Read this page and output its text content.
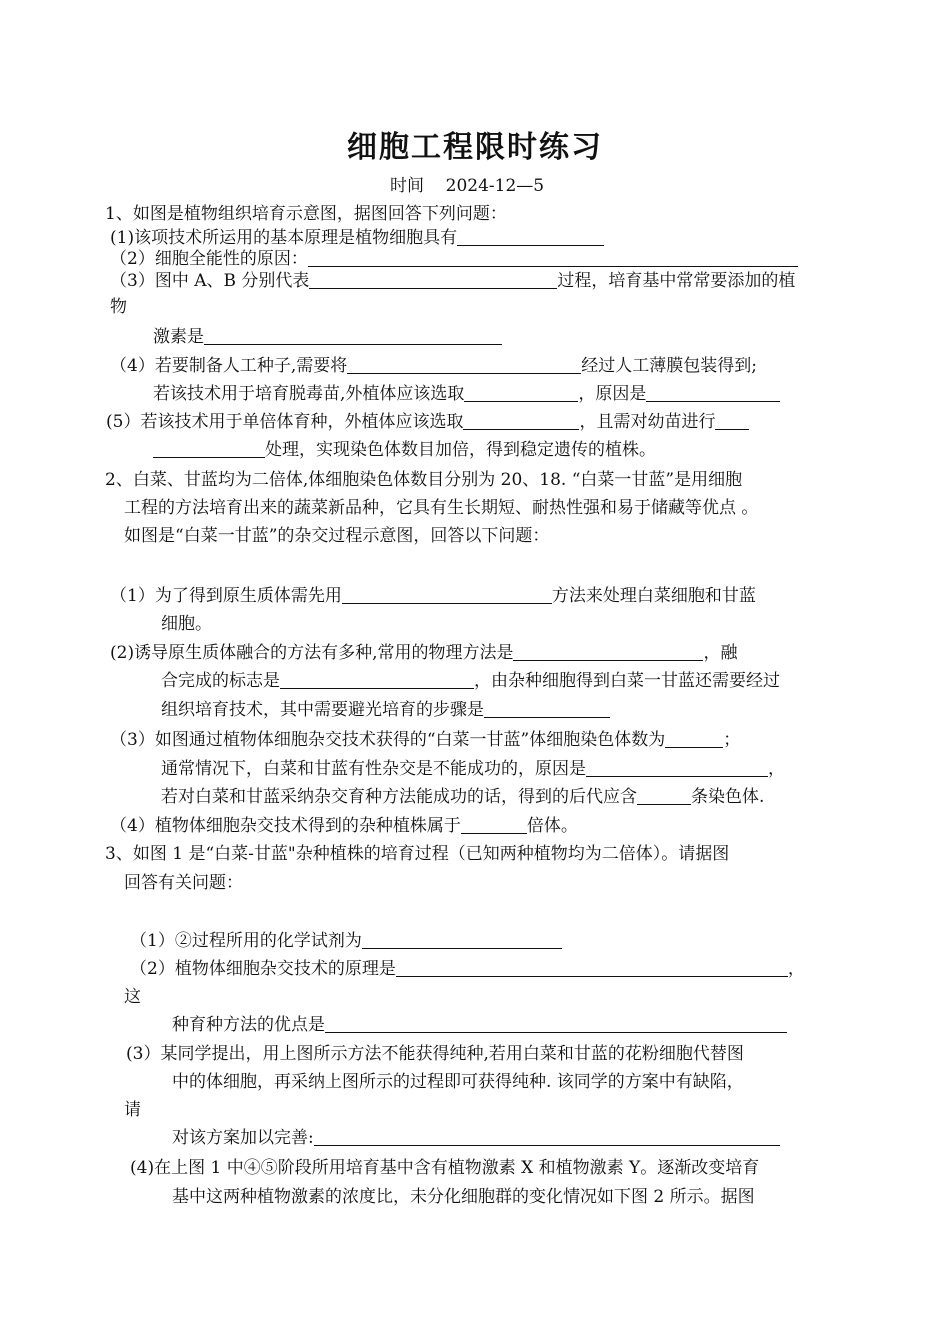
细胞工程限时练习
时间 2024-12—5
1、如图是植物组织培育示意图，据图回答下列问题：
(1)该项技术所运用的基本原理是植物细胞具有
（2）细胞全能性的原因：
（3）图中 A、B 分别代表	过程，培育基中常常要添加的植
物
激素是
（4）若要制备人工种子,需要将	经过人工薄膜包装得到;
若该技术用于培育脱毒苗,外植体应该选取	，原因是
(5）若该技术用于单倍体育种，外植体应该选取	，且需对幼苗进行
处理，实现染色体数目加倍，得到稳定遗传的植株。
2、白菜、甘蓝均为二倍体,体细胞染色体数目分别为 20、18. “白菜一甘蓝”是用细胞
工程的方法培育出来的蔬菜新品种，它具有生长期短、耐热性强和易于储藏等优点 。
如图是“白菜一甘蓝”的杂交过程示意图，回答以下问题：
（1）为了得到原生质体需先用	方法来处理白菜细胞和甘蓝
细胞。
(2)诱导原生质体融合的方法有多种,常用的物理方法是	，融
合完成的标志是	，由杂种细胞得到白菜一甘蓝还需要经过
组织培育技术，其中需要避光培育的步骤是
（3）如图通过植物体细胞杂交技术获得的“白菜一甘蓝”体细胞染色体数为	；
通常情况下，白菜和甘蓝有性杂交是不能成功的，原因是	，
若对白菜和甘蓝采纳杂交育种方法能成功的话，得到的后代应含	条染色体.
（4）植物体细胞杂交技术得到的杂种植株属于	倍体。
3、如图 1 是“白菜-甘蓝"杂种植株的培育过程（已知两种植物均为二倍体）。请据图
回答有关问题：
（1）②过程所用的化学试剂为
（2）植物体细胞杂交技术的原理是	，
这
种育种方法的优点是
(3）某同学提出，用上图所示方法不能获得纯种,若用白菜和甘蓝的花粉细胞代替图
中的体细胞，再采纳上图所示的过程即可获得纯种. 该同学的方案中有缺陷，
请
对该方案加以完善:
(4)在上图 1 中④⑤阶段所用培育基中含有植物激素 X 和植物激素 Y。逐渐改变培育
基中这两种植物激素的浓度比，未分化细胞群的变化情况如下图 2 所示。据图
